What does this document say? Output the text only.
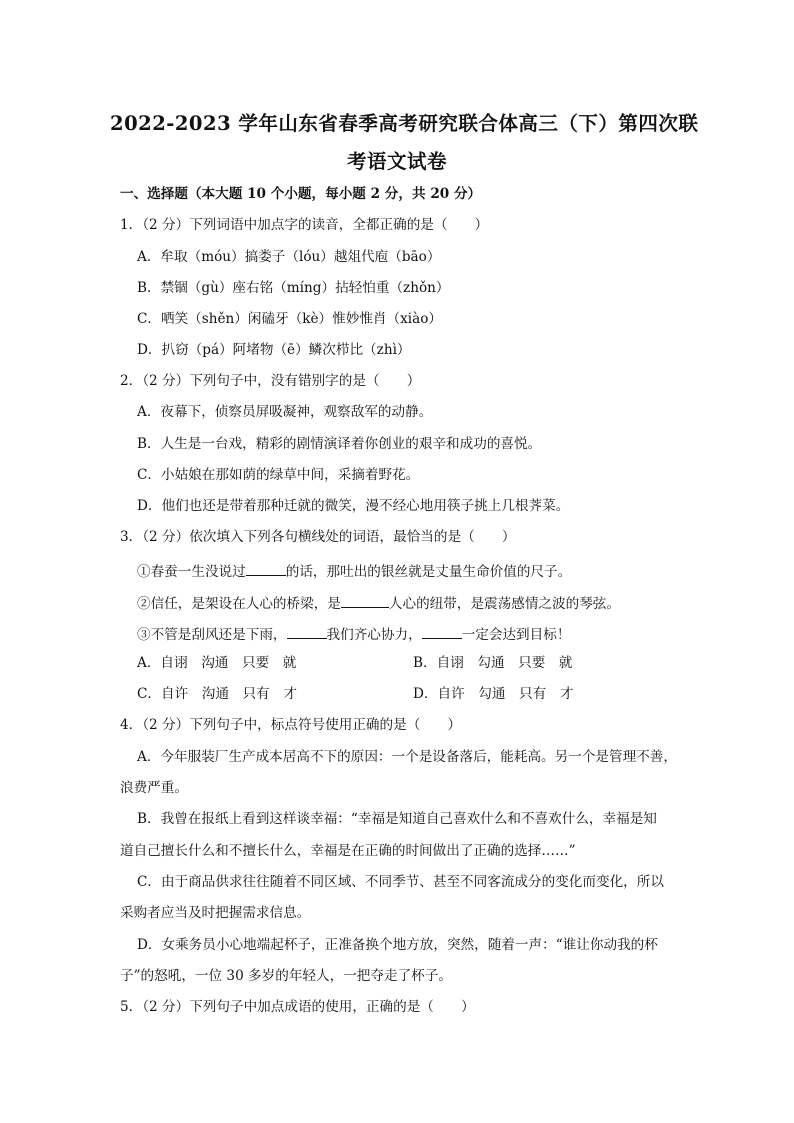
2022-2023 学年山东省春季高考研究联合体高三（下）第四次联
考语文试卷
一、选择题（本大题 10 个小题，每小题 2 分，共 20 分）
1．（2 分）下列词语中加点字的读音，全都正确的是（　　）
A．牟取（móu）搞娄子（lóu）越俎代庖（bāo）
B．禁锢（gù）座右铭（míng）拈轻怕重（zhǒn）
C．哂笑（shěn）闲磕牙（kè）惟妙惟肖（xiào）
D．扒窃（pá）阿堵物（ē）鳞次栉比（zhì）
2．（2 分）下列句子中，没有错别字的是（　　）
A．夜幕下，侦察员屏吸凝神，观察敌军的动静。
B．人生是一台戏，精彩的剧情演译着你创业的艰辛和成功的喜悦。
C．小姑娘在那如荫的绿草中间，采摘着野花。
D．他们也还是带着那种迁就的微笑，漫不经心地用筷子挑上几根荠菜。
3．（2 分）依次填入下列各句横线处的词语，最恰当的是（　　）
①春蚕一生没说过	的话，那吐出的银丝就是丈量生命价值的尺子。
②信任，是架设在人心的桥梁，是	人心的纽带，是震荡感情之波的琴弦。
③不管是刮风还是下雨，	我们齐心协力，	一定会达到目标！
A．自诩　沟通　只要　就	B．自诩　勾通　只要　就
C．自许　沟通　只有　才	D．自许　勾通　只有　才
4．（2 分）下列句子中，标点符号使用正确的是（　　）
A．今年服装厂生产成本居高不下的原因：一个是设备落后，能耗高。另一个是管理不善，
浪费严重。
B．我曾在报纸上看到这样谈幸福：“幸福是知道自己喜欢什么和不喜欢什么，幸福是知
道自己擅长什么和不擅长什么，幸福是在正确的时间做出了正确的选择……”
C．由于商品供求往往随着不同区域、不同季节、甚至不同客流成分的变化而变化，所以
采购者应当及时把握需求信息。
D．女乘务员小心地端起杯子，正准备换个地方放，突然，随着一声：“谁让你动我的杯
子”的怒吼，一位 30 多岁的年轻人，一把夺走了杯子。
5．（2 分）下列句子中加点成语的使用，正确的是（　　）
